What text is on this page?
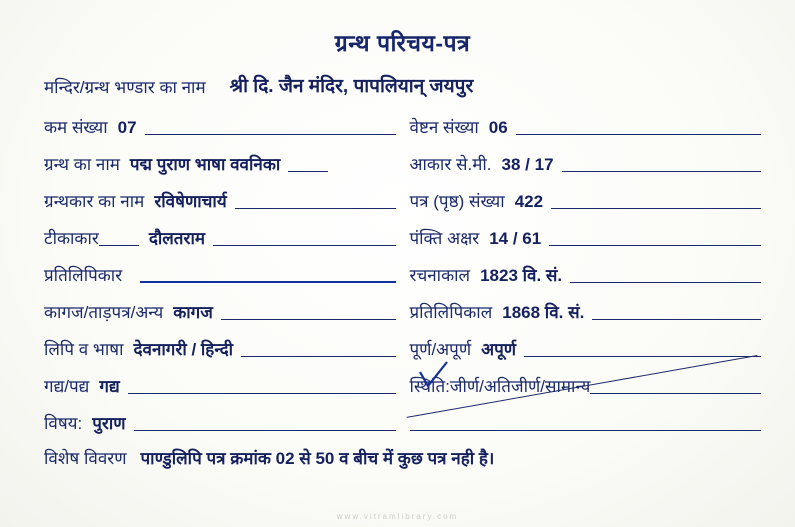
ग्रन्थ परिचय-पत्र
मन्दिर/ग्रन्थ भण्डार का नाम	श्री दि. जैन मंदिर, पापलियान् जयपुर
कम संख्या 07	वेष्टन संख्या 06
ग्रन्थ का नाम पद्म पुराण भाषा ववनिका	आकार से.मी. 38 / 17
ग्रन्थकार का नाम रविषेणाचार्य	पत्र (पृष्ठ) संख्या 422
टीकाकार	दौलतराम	पंक्ति अक्षर 14 / 61
प्रतिलिपिकार	रचनाकाल 1823 वि. सं.
कागज/ताड़पत्र/अन्य कागज	प्रतिलिपिकाल 1868 वि. सं.
लिपि व भाषा देवनागरी / हिन्दी	पूर्ण/अपूर्ण अपूर्ण
गद्य/पद्य गद्य	स्थिति:जीर्ण/अतिजीर्ण/सामान्य
विषय: पुराण
विशेष विवरण पाण्डुलिपि पत्र क्रमांक 02 से 50 व बीच में कुछ पत्र नही है।
www.vitramlibrary.com
